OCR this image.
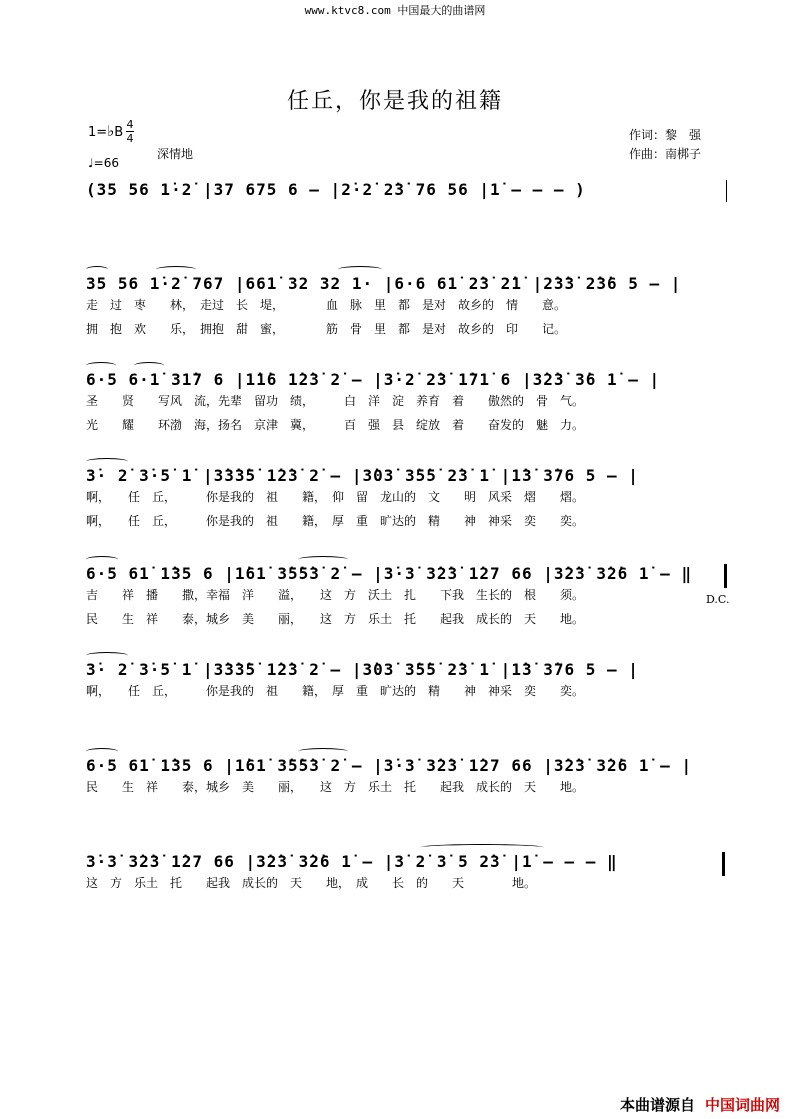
www.ktvc8.com 中国最大的曲谱网
任丘，你是我的祖籍
1=♭B
4
4
♩=66
深情地
作词：黎　强
作曲：南梆子
(35 56 1̇·2̇ |37 675 6 – |2̇·2̇ 2̇3̇ 76 56 |1̇ – – – )
35 56 1̇·2̇ 767 |661̇ 32 32 1· |6·6 61̇ 2̇3̇ 2̇1̇ |2̇3̇3̇ 2̇3̇6 5 – |
走　过　枣　　林，　走过　长　堤，　　　　血　脉　里　都　是对　故乡的　情　　意。
拥　抱　欢　　乐，　拥抱　甜　蜜，　　　　筋　骨　里　都　是对　故乡的　印　　记。
6·5 6·1̇ 31̇7 6 |1̇1̇6 1̇2̇3̇ 2̇ – |3̇·2̇ 2̇3̇ 1̇71̇ 6 |3̇2̇3̇ 3̇6 1̇ – |
圣　　贤　　写风　流，先辈　留功　绩，　　　白　洋　淀　养育　着　　傲然的　骨　气。
光　　耀　　环渤　海，扬名　京津　冀，　　　百　强　县　绽放　着　　奋发的　魅　力。
3̇· 2̇ 3̇·5̇ 1̇ |3̇3̇3̇5̇ 1̇2̇3̇ 2̇ – |3̇03̇ 3̇5̇5̇ 2̇3̇ 1̇ |1̇3̇ 3̇76 5 – |
啊，　　任　丘，　　　你是我的　祖　　籍，　仰　留　龙山的　文　　明　风采　熠　　熠。
啊，　　任　丘，　　　你是我的　祖　　籍，　厚　重　旷达的　精　　神　神采　奕　　奕。
6·5 61̇ 1̇35 6 |1̇61̇ 3̇5̇5̇3̇ 2̇ – |3̇·3̇ 3̇2̇3̇ 1̇27 66 |3̇2̇3̇ 3̇2̇6 1̇ – ‖
吉　　祥　播　　撒，幸福　洋　　溢，　　这　方　沃土　扎　　下我　生长的　根　　须。
民　　生　祥　　泰，城乡　美　　丽，　　这　方　乐土　托　　起我　成长的　天　　地。
D.C.
3̇· 2̇ 3̇·5̇ 1̇ |3̇3̇3̇5̇ 1̇2̇3̇ 2̇ – |3̇03̇ 3̇5̇5̇ 2̇3̇ 1̇ |1̇3̇ 3̇76 5 – |
啊，　　任　丘，　　　你是我的　祖　　籍，　厚　重　旷达的　精　　神　神采　奕　　奕。
6·5 61̇ 1̇35 6 |1̇61̇ 3̇5̇5̇3̇ 2̇ – |3̇·3̇ 3̇2̇3̇ 1̇27 66 |3̇2̇3̇ 3̇2̇6 1̇ – |
民　　生　祥　　泰，城乡　美　　丽，　　这　方　乐土　托　　起我　成长的　天　　地。
3̇·3̇ 3̇2̇3̇ 1̇27 66 |3̇2̇3̇ 3̇2̇6 1̇ – |3̇ 2̇ 3̇ 5 2̇3̇ |1̇ – – – ‖
这　方　乐土　托　　起我　成长的　天　　地，　成　　长　的　　天　　　　地。
本曲谱源自 中国词曲网
